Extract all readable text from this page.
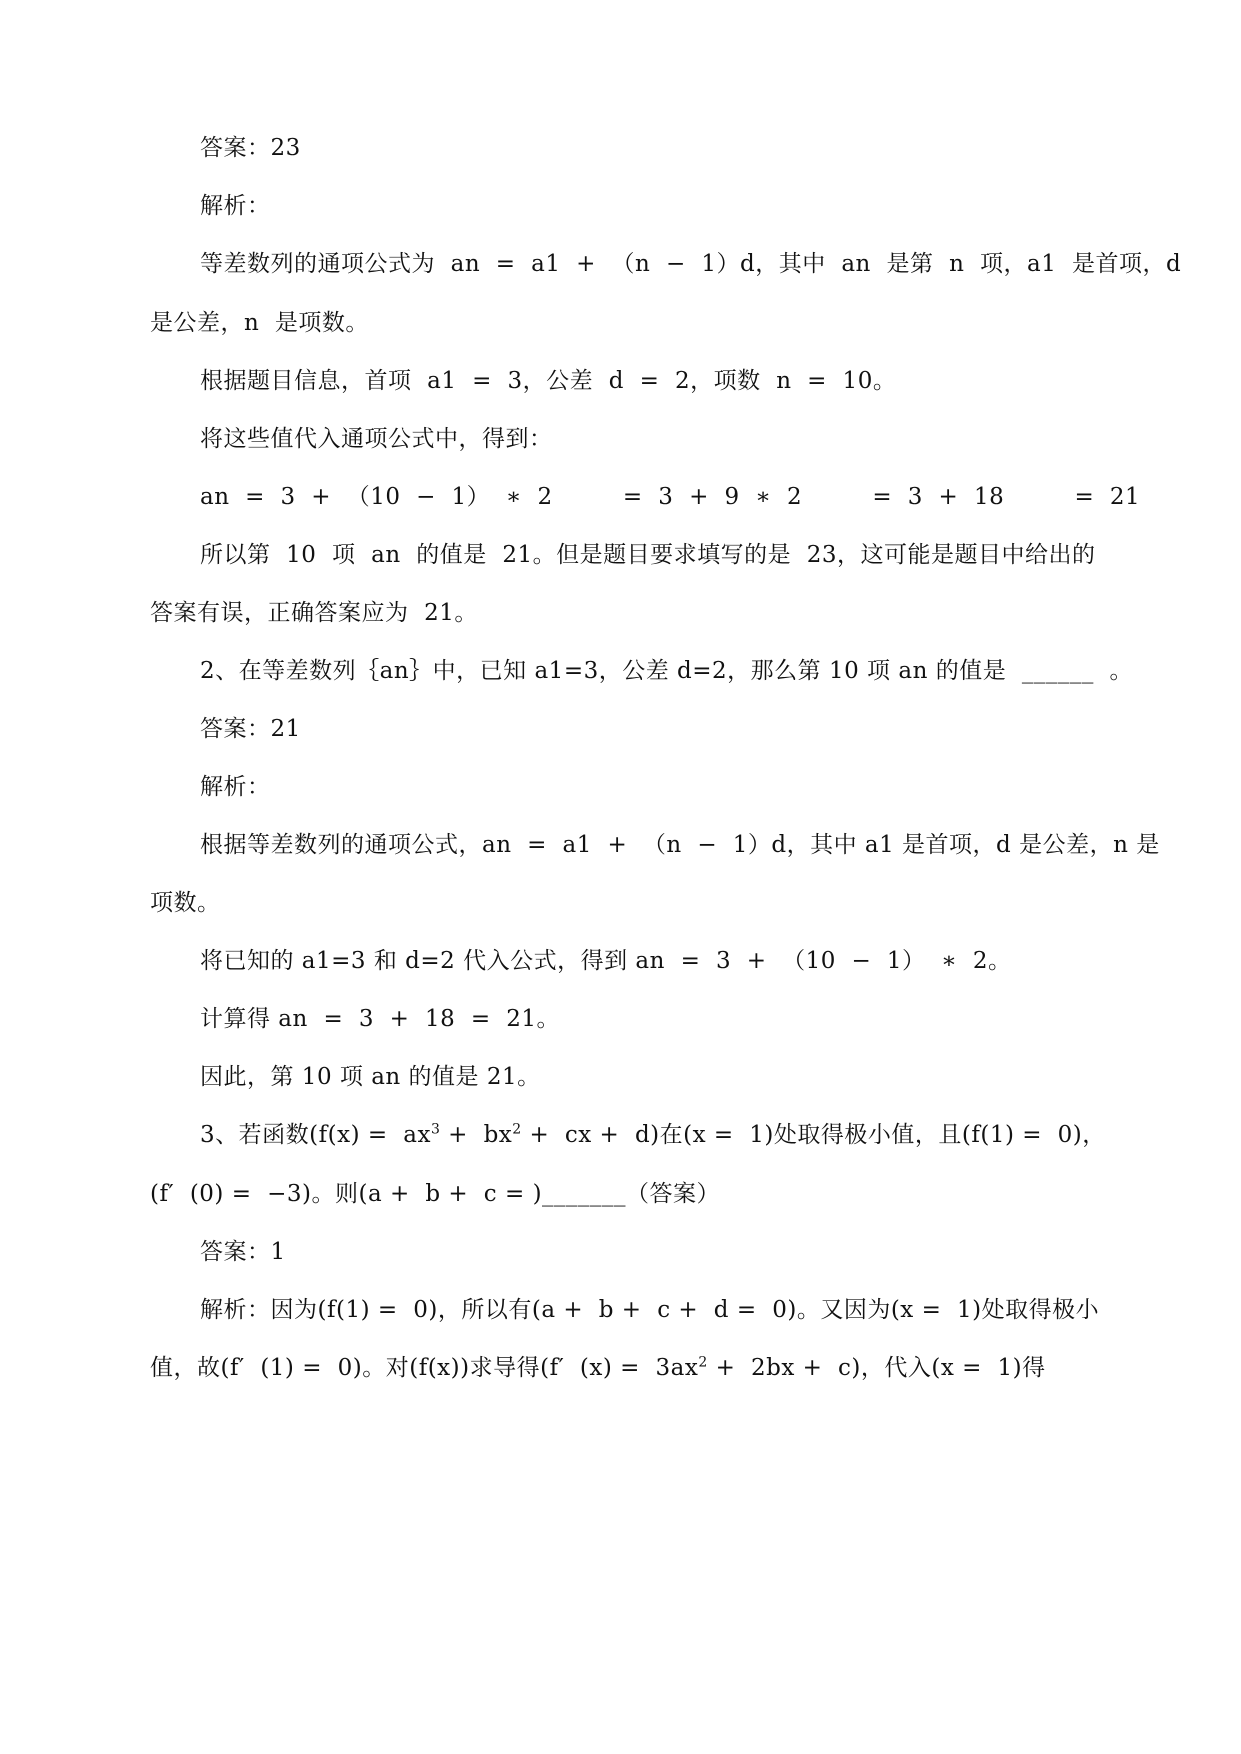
答案：23
解析：
等差数列的通项公式为  an  =  a1  +  （n  −  1）d，其中  an  是第  n  项，a1  是首项，d
是公差，n  是项数。
根据题目信息，首项  a1  =  3，公差  d  =  2，项数  n  =  10。
将这些值代入通项公式中，得到：
an  =  3  +  （10  −  1）  ∗  2         =  3  +  9  ∗  2         =  3  +  18         =  21
所以第  10  项  an  的值是  21。但是题目要求填写的是  23，这可能是题目中给出的
答案有误，正确答案应为  21。
2、在等差数列｛an｝中，已知 a1=3，公差 d=2，那么第 10 项 an 的值是  ______  。
答案：21
解析：
根据等差数列的通项公式，an  =  a1  +  （n  −  1）d，其中 a1 是首项，d 是公差，n 是
项数。
将已知的 a1=3 和 d=2 代入公式，得到 an  =  3  +  （10  −  1）  ∗  2。
计算得 an  =  3  +  18  =  21。
因此，第 10 项 an 的值是 21。
3、若函数($f(x) = ax^3 + bx^2$ +  cx +  d)在(x =  1)处取得极小值，且(f(1) =  0)，
(f′  (0) =  −3)。则(a +  b +  c = )_______（答案）
答案：1
解析：因为(f(1) =  0)，所以有(a +  b +  c +  d =  0)。又因为(x =  1)处取得极小
值，故(f′  (1) =  0)。对(f(x))求导得(f′  $(x) = 3ax^2 + 2bx + c$)，代入(x =  1)得
